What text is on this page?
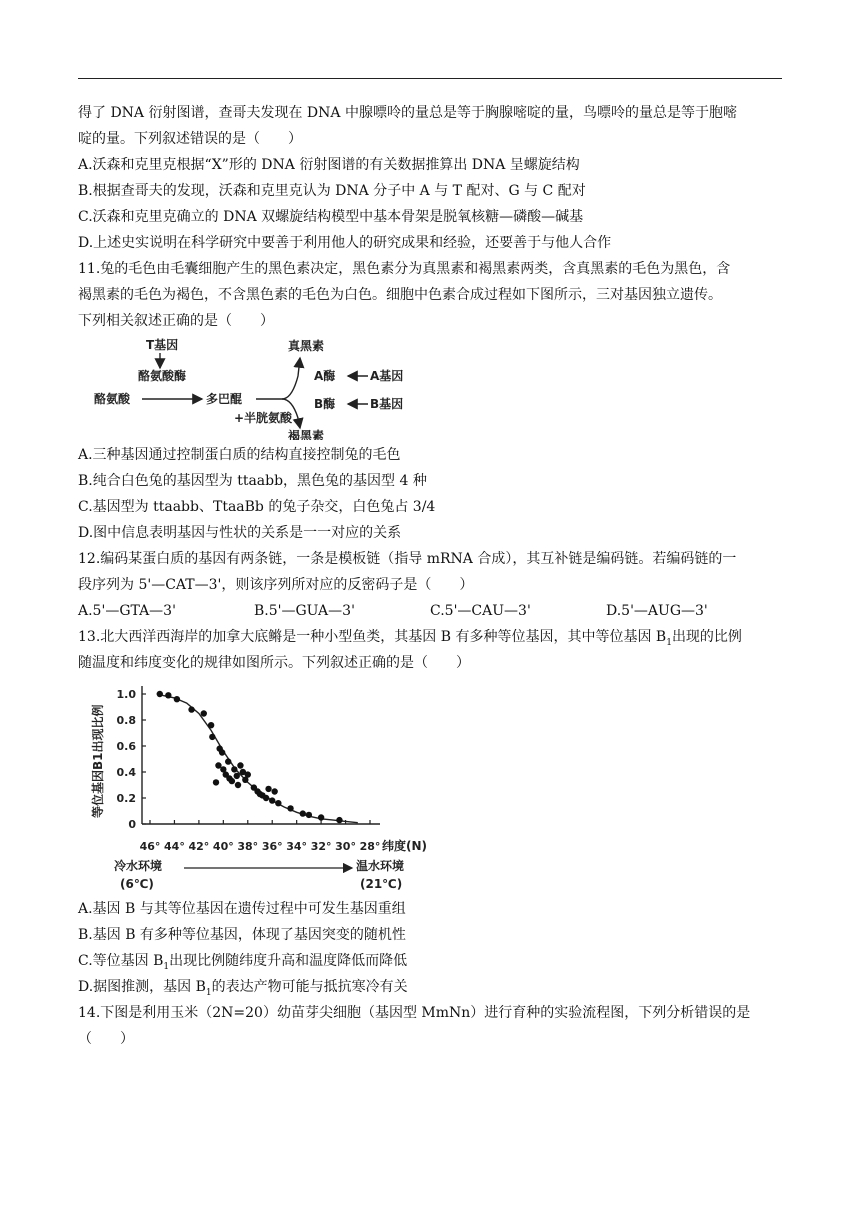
得了 DNA 衍射图谱，查哥夫发现在 DNA 中腺嘌呤的量总是等于胸腺嘧啶的量，鸟嘌呤的量总是等于胞嘧

啶的量。下列叙述错误的是（　　）

A.沃森和克里克根据“X”形的 DNA 衍射图谱的有关数据推算出 DNA 呈螺旋结构

B.根据查哥夫的发现，沃森和克里克认为 DNA 分子中 A 与 T 配对、G 与 C 配对

C.沃森和克里克确立的 DNA 双螺旋结构模型中基本骨架是脱氧核糖—磷酸—碱基

D.上述史实说明在科学研究中要善于利用他人的研究成果和经验，还要善于与他人合作

11.兔的毛色由毛囊细胞产生的黑色素决定，黑色素分为真黑素和褐黑素两类，含真黑素的毛色为黑色，含

褐黑素的毛色为褐色，不含黑色素的毛色为白色。细胞中色素合成过程如下图所示，三对基因独立遗传。

下列相关叙述正确的是（　　）

T基因
酪氨酸酶
酪氨酸	多巴醌
真黑素
+半胱氨酸
褐黑素
A酶	A基因
B酶	B基因

A.三种基因通过控制蛋白质的结构直接控制兔的毛色

B.纯合白色兔的基因型为 ttaabb，黑色兔的基因型 4 种

C.基因型为 ttaabb、TtaaBb 的兔子杂交，白色兔占 3/4

D.图中信息表明基因与性状的关系是一一对应的关系

12.编码某蛋白质的基因有两条链，一条是模板链（指导 mRNA 合成），其互补链是编码链。若编码链的一

段序列为 5'—CAT—3'，则该序列所对应的反密码子是（　　）

A.5'—GTA—3'	B.5'—GUA—3'	C.5'—CAU—3'	D.5'—AUG—3'

13.北大西洋西海岸的加拿大底鳉是一种小型鱼类，其基因 B 有多种等位基因，其中等位基因 $B_1$出现的比例

随温度和纬度变化的规律如图所示。下列叙述正确的是（　　）

等位基因B1出现比例
0
0.2
0.4
0.6
0.8
1.0
46° 44° 42° 40° 38° 36° 34° 32° 30° 28° 纬度(N)
冷水环境
(6℃)
温水环境
(21℃)

A.基因 B 与其等位基因在遗传过程中可发生基因重组

B.基因 B 有多种等位基因，体现了基因突变的随机性

C.等位基因 $B_1$出现比例随纬度升高和温度降低而降低

D.据图推测，基因 $B_1$的表达产物可能与抵抗寒冷有关

14.下图是利用玉米（2N=20）幼苗芽尖细胞（基因型 MmNn）进行育种的实验流程图，下列分析错误的是

（　　）
